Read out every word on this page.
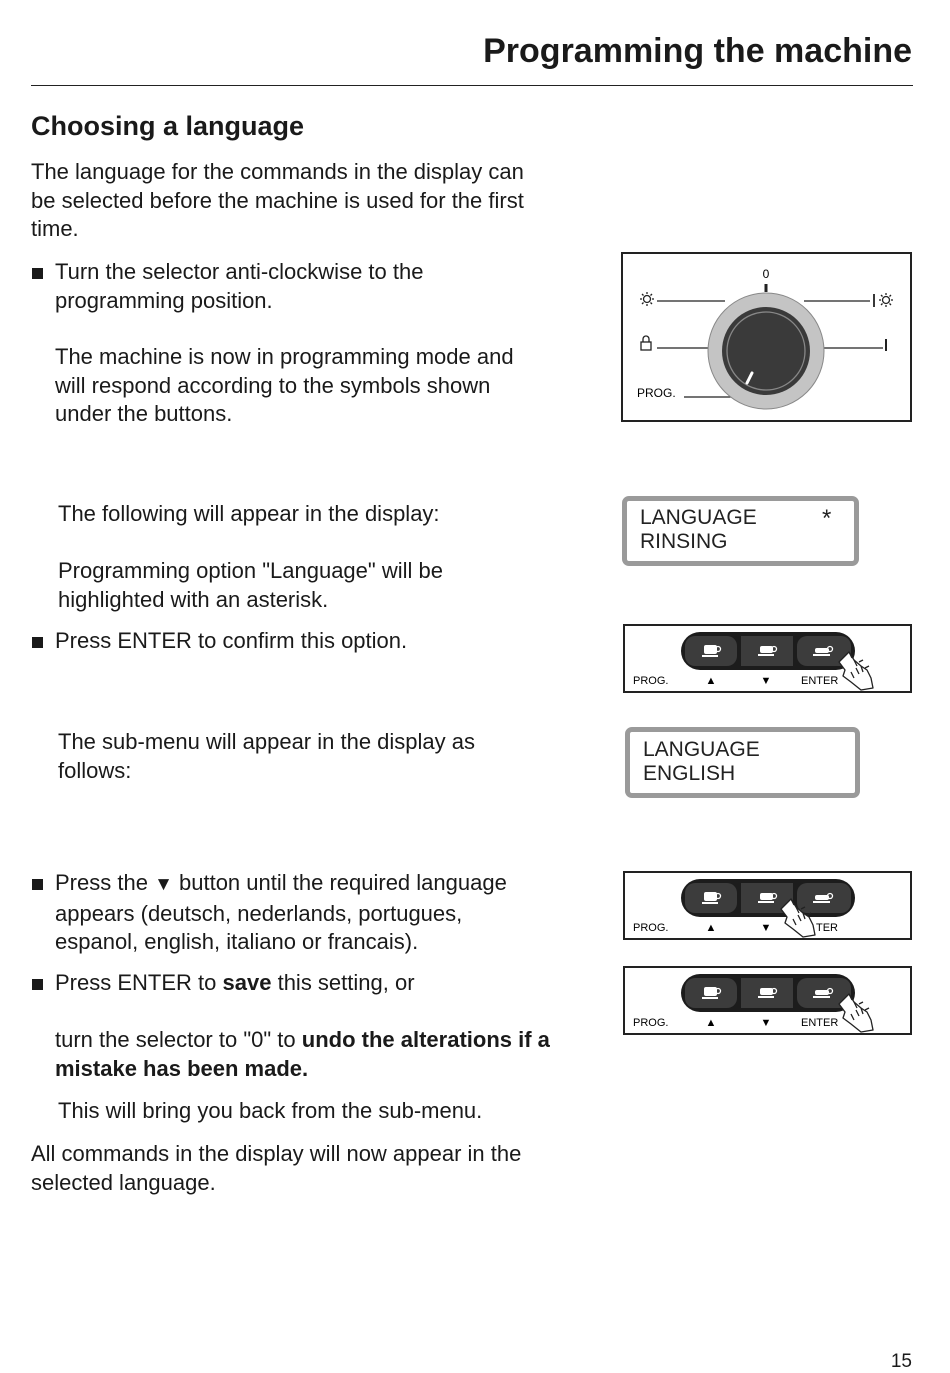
Programming the machine
Choosing a language
The language for the commands in the display can
be selected before the machine is used for the first
time.
Turn the selector anti-clockwise to the
programming position.
The machine is now in programming mode and
will respond according to the symbols shown
under the buttons.
The following will appear in the display:
Programming option "Language" will be
highlighted with an asterisk.
Press ENTER to confirm this option.
The sub-menu will appear in the display as
follows:
Press the ▼ button until the required language
appears (deutsch, nederlands, portugues,
espanol, english, italiano or francais).
Press ENTER to save this setting, or
turn the selector to "0" to undo the alterations if a
mistake has been made.
This will bring you back from the sub-menu.
All commands in the display will now appear in the
selected language.
0
PROG.
LANGUAGE	*
RINSING
LANGUAGE
ENGLISH
PROG.	▲	▼	ENTER
PROG.	▲	▼	TER
PROG.	▲	▼	ENTER
15
